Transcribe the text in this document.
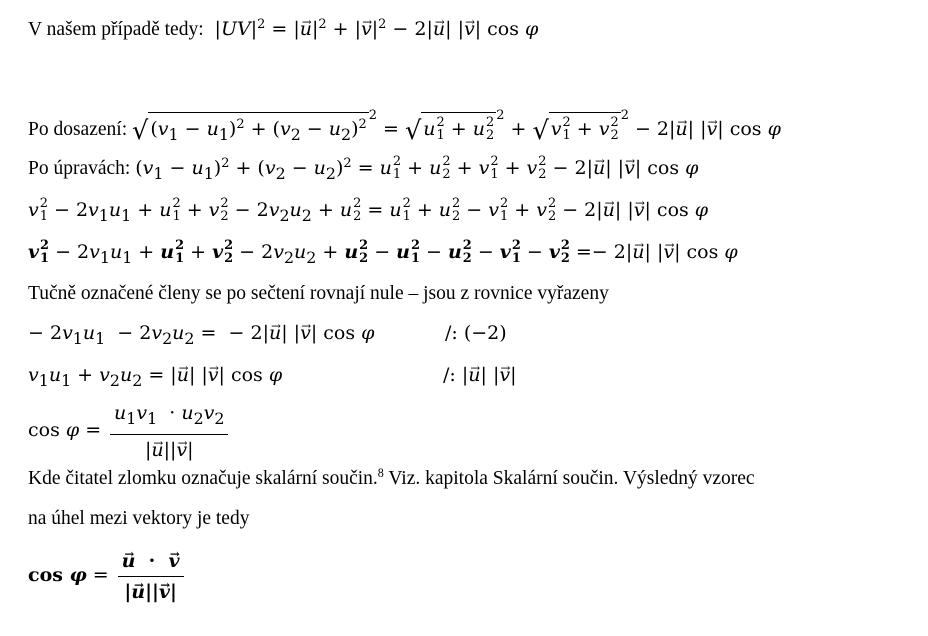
V našem případě tedy:  $|UV|^2$ = |→ $u|^2$ + |→ $v|^2 - 2|\to u|$ |→ v| cos φ
Po dosazení: √ $(v_1 - u_1)^2 + (v_2 - u_2)^{22}$ = √ u 2
1 + u 2
2
$^2$ + √ v 2
1 + v 2
2
$^2$ − 2|→ u| |→ v| cos φ
Po úpravách: $(v_1 - u_1)^2 + (v_2 - u_2)^2 = u$ 2
1 + u 2
2 + v 2
1 + v 2
2 − 2|→ u| |→ v| cos φ
v 2
$1 - 2v_1u_1 + u$ 2
1 + v 2
$2 - 2v_2u_2 + u$ 2
2 = u 2
1 + u 2
2 − v 2
1 + v 2
2 − 2|→ u| |→ v| cos φ
v 2
$1 - 2v_1u_1 + u$ 2
1 + v 2
$2 - 2v_2u_2 + u$ 2
2 − u 2
1 − u 2
2 − v 2
1 − v 2
2 =− 2|→ u| |→ v| cos φ
Tučně označené členy se po sečtení rovnají nule – jsou z rovnice vyřazeny
− $2v_1u_1 - 2v_2u_2$ =  − 2|→ u| |→ v| cos φ	/: (−2)
$v_1u_1 + v_2u_2$ = |→ u| |→ v| cos φ	/: |→ u| |→ v|
$\cos \varphi = \frac{u_1v_1 \cdot u_2v_2}{|\to u||\to v|}$
Kde čitatel zlomku označuje skalární součin.$^8$ Viz. kapitola Skalární součin. Výsledný vzorec
na úhel mezi vektory je tedy
cos φ =
→ $\frac{u \cdot \to v}{|\to u||\to v|}$
